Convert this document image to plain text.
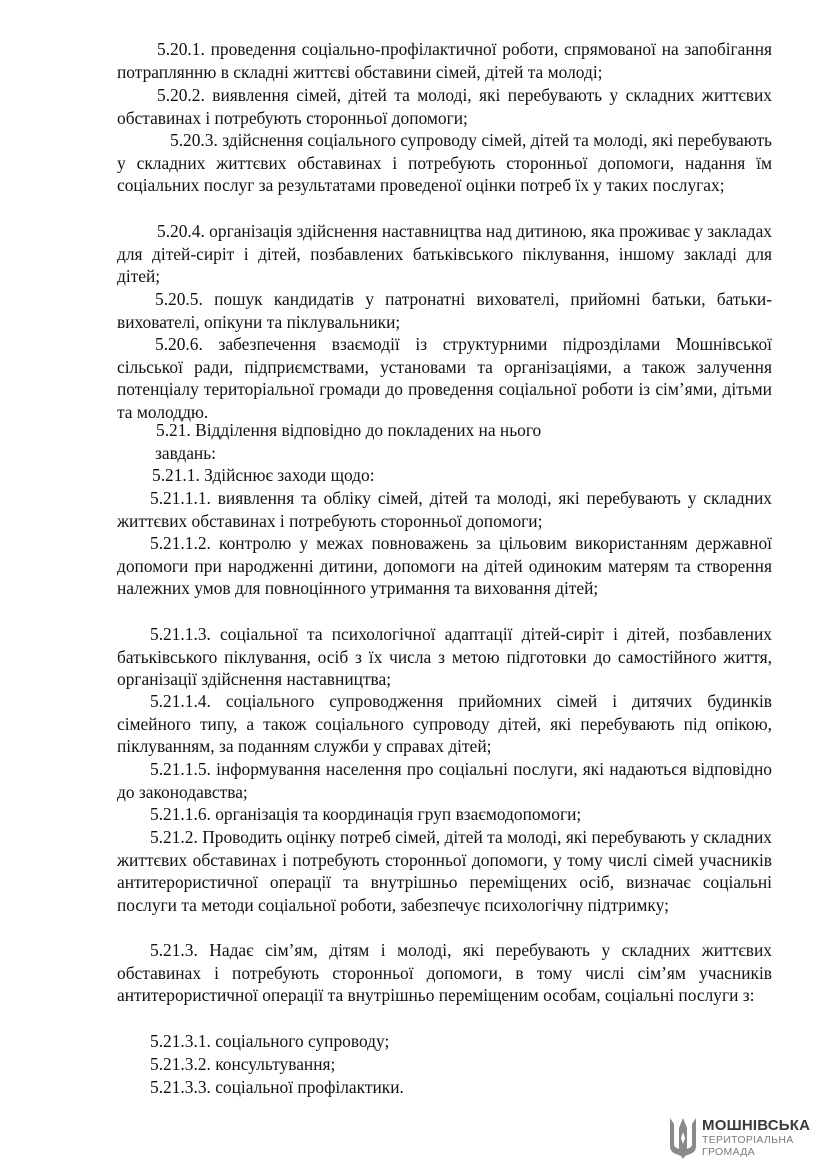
5.20.1. проведення соціально-профілактичної роботи, спрямованої на запобігання потраплянню в складні життєві обставини сімей, дітей та молоді;

5.20.2. виявлення сімей, дітей та молоді, які перебувають у складних життєвих обставинах і потребують сторонньої допомоги;

5.20.3. здійснення соціального супроводу сімей, дітей та молоді, які перебувають у складних життєвих обставинах і потребують сторонньої допомоги, надання їм соціальних послуг за результатами проведеної оцінки потреб їх у таких послугах;

5.20.4. організація здійснення наставництва над дитиною, яка проживає у закладах для дітей-сиріт і дітей, позбавлених батьківського піклування, іншому закладі для дітей;

5.20.5. пошук кандидатів у патронатні вихователі, прийомні батьки, батьки-вихователі, опікуни та піклувальники;

5.20.6. забезпечення взаємодії із структурними підрозділами Мошнівської сільської ради, підприємствами, установами та організаціями, а також залучення потенціалу територіальної громади до проведення соціальної роботи із сім’ями, дітьми та молоддю.

5.21. Відділення відповідно до покладених на нього

завдань:

5.21.1. Здійснює заходи щодо:

5.21.1.1. виявлення та обліку сімей, дітей та молоді, які перебувають у складних життєвих обставинах і потребують сторонньої допомоги;

5.21.1.2. контролю у межах повноважень за цільовим використанням державної допомоги при народженні дитини, допомоги на дітей одиноким матерям та створення належних умов для повноцінного утримання та виховання дітей;

5.21.1.3. соціальної та психологічної адаптації дітей-сиріт і дітей, позбавлених батьківського піклування, осіб з їх числа з метою підготовки до самостійного життя, організації здійснення наставництва;

5.21.1.4. соціального супроводження прийомних сімей і дитячих будинків сімейного типу, а також соціального супроводу дітей, які перебувають під опікою, піклуванням, за поданням служби у справах дітей;

5.21.1.5. інформування населення про соціальні послуги, які надаються відповідно до законодавства;

5.21.1.6. організація та координація груп взаємодопомоги;

5.21.2. Проводить оцінку потреб сімей, дітей та молоді, які перебувають у складних життєвих обставинах і потребують сторонньої допомоги, у тому числі сімей учасників антитерористичної операції та внутрішньо переміщених осіб, визначає соціальні послуги та методи соціальної роботи, забезпечує психологічну підтримку;

5.21.3. Надає сім’ям, дітям і молоді, які перебувають у складних життєвих обставинах і потребують сторонньої допомоги, в тому числі сім’ям учасників антитерористичної операції та внутрішньо переміщеним особам, соціальні послуги з:

5.21.3.1. соціального супроводу;

5.21.3.2. консультування;

5.21.3.3. соціальної профілактики.

МОШНІВСЬКА
ТЕРИТОРІАЛЬНА
ГРОМАДА
